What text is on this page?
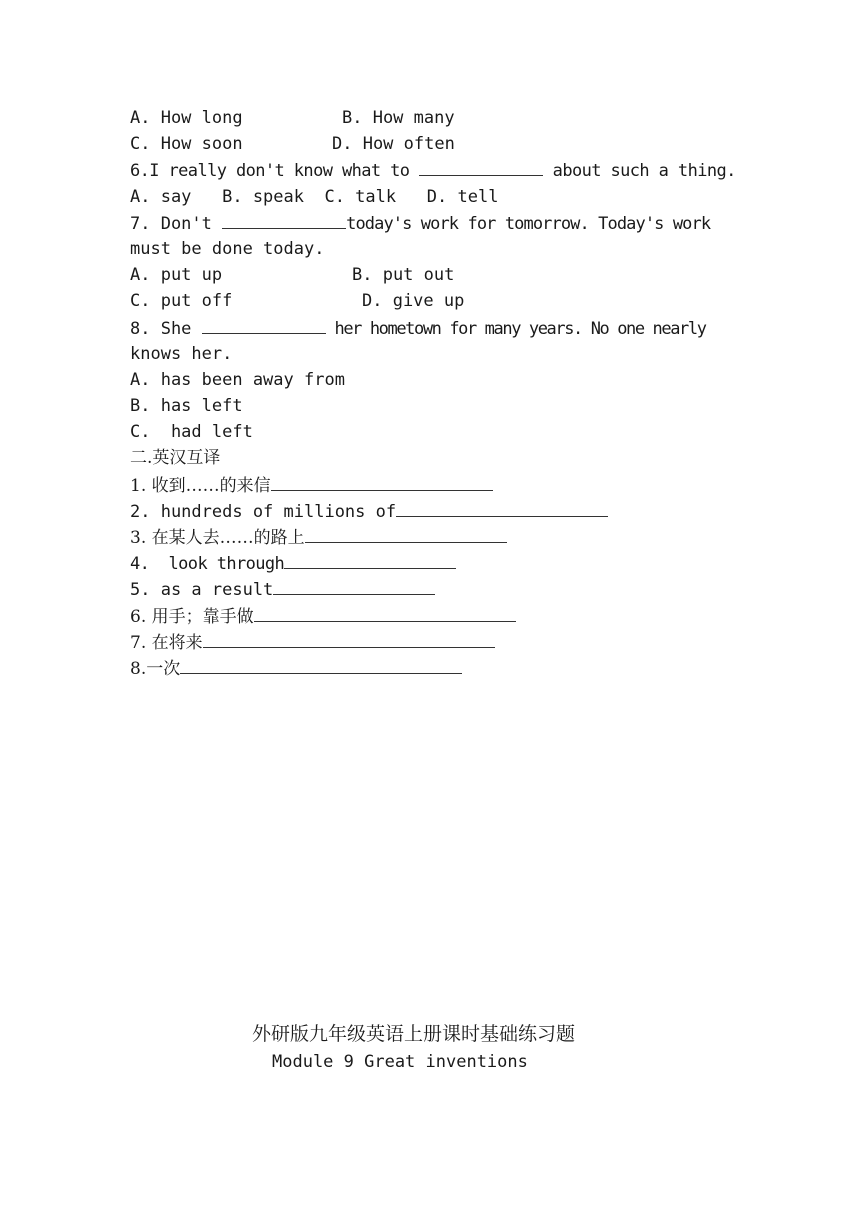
A. How long	B. How many
C. How soon	D. How often
6.I really don't know what to	about such a thing.
A. say   B. speak  C. talk   D. tell
7. Don't	today's work for tomorrow. Today's work
must be done today.
A. put up	B. put out
C. put off	D. give up
8. She	her hometown for many years. No one nearly
knows her.
A. has been away from
B. has left
C.  had left
二.英汉互译
1. 收到……的来信
2. hundreds of millions of
3. 在某人去……的路上
4.  look through
5. as a result
6. 用手；靠手做
7. 在将来
8.一次
外研版九年级英语上册课时基础练习题
Module 9 Great inventions
